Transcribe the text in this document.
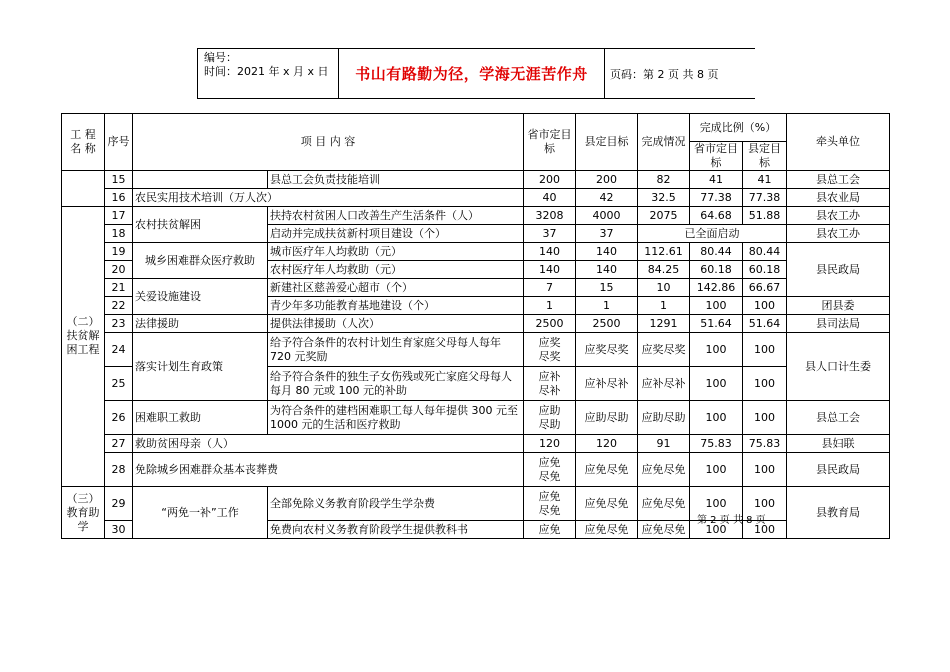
编号：
时间：2021 年 x 月 x 日	书山有路勤为径，学海无涯苦作舟	页码：第 2 页 共 8 页
工 程 名 称	序号	项 目 内 容		省市定目标	县定目标	完成情况	完成比例（%）		牵头单位
							省市定目标	县定目标	
	15		县总工会负责技能培训	200	200	82	41	41	县总工会
	16	农民实用技术培训（万人次）		40	42	32.5	77.38	77.38	县农业局
（二）扶贫解困工程	17	农村扶贫解困	扶持农村贫困人口改善生产生活条件（人）	3208	4000	2075	64.68	51.88	县农工办
	18		启动并完成扶贫新村项目建设（个）	37	37	已全面启动			县农工办
	19	城乡困难群众医疗救助	城市医疗年人均救助（元）	140	140	112.61	80.44	80.44	县民政局
	20		农村医疗年人均救助（元）	140	140	84.25	60.18	60.18	
	21	关爱设施建设	新建社区慈善爱心超市（个）	7	15	10	142.86	66.67	
	22		青少年多功能教育基地建设（个）	1	1	1	100	100	团县委
	23	法律援助	提供法律援助（人次）	2500	2500	1291	51.64	51.64	县司法局
	24	落实计划生育政策	给予符合条件的农村计划生育家庭父母每人每年 720 元奖励	应奖尽奖	应奖尽奖	应奖尽奖	100	100	县人口计生委
	25		给予符合条件的独生子女伤残或死亡家庭父母每人每月 80 元或 100 元的补助	应补尽补	应补尽补	应补尽补	100	100	
	26	困难职工救助	为符合条件的建档困难职工每人每年提供 300 元至 1000 元的生活和医疗救助	应助尽助	应助尽助	应助尽助	100	100	县总工会
	27	救助贫困母亲（人）		120	120	91	75.83	75.83	县妇联
	28	免除城乡困难群众基本丧葬费		应免尽免	应免尽免	应免尽免	100	100	县民政局
（三）教育助学	29	“两免一补”工作	全部免除义务教育阶段学生学杂费	应免尽免	应免尽免	应免尽免	100	100	县教育局
	30		免费向农村义务教育阶段学生提供教科书	应免	应免尽免	应免尽免	100	100	
第 2 页 共 8 页
